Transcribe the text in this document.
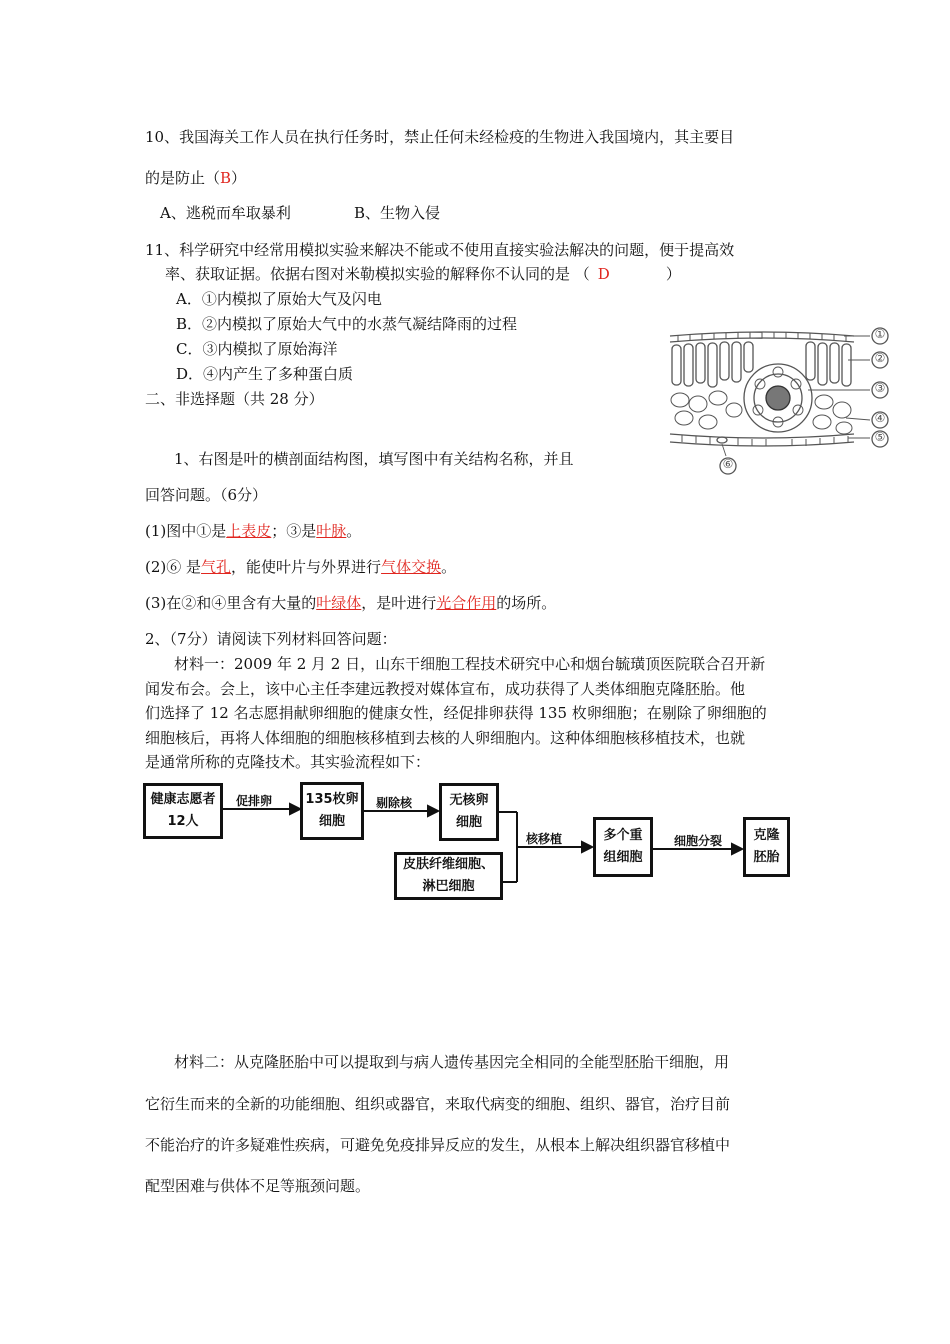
10、我国海关工作人员在执行任务时，禁止任何未经检疫的生物进入我国境内，其主要目
的是防止（B）
A、逃税而牟取暴利	B、生物入侵
11、科学研究中经常用模拟实验来解决不能或不使用直接实验法解决的问题，便于提高效
率、获取证据。依据右图对米勒模拟实验的解释你不认同的是 （ D	）
A．①内模拟了原始大气及闪电
B．②内模拟了原始大气中的水蒸气凝结降雨的过程
C．③内模拟了原始海洋
D．④内产生了多种蛋白质
二、非选择题（共 28 分）
1、右图是叶的横剖面结构图，填写图中有关结构名称，并且
回答问题。（6分）
(1)图中①是上表皮；③是叶脉。
(2)⑥ 是气孔，能使叶片与外界进行气体交换。
(3)在②和④里含有大量的叶绿体，是叶进行光合作用的场所。
2、（7分）请阅读下列材料回答问题：
材料一：2009 年 2 月 2 日，山东干细胞工程技术研究中心和烟台毓璜顶医院联合召开新
闻发布会。会上，该中心主任李建远教授对媒体宣布，成功获得了人类体细胞克隆胚胎。他
们选择了 12 名志愿捐献卵细胞的健康女性，经促排卵获得 135 枚卵细胞；在剔除了卵细胞的
细胞核后，再将人体细胞的细胞核移植到去核的人卵细胞内。这种体细胞核移植技术，也就
是通常所称的克隆技术。其实验流程如下：
健康志愿者12人
促排卵	135枚卵细胞
剔除核	无核卵细胞
皮肤纤维细胞、淋巴细胞
核移植	多个重组细胞
细胞分裂	克隆胚胎
材料二：从克隆胚胎中可以提取到与病人遗传基因完全相同的全能型胚胎干细胞，用
它衍生而来的全新的功能细胞、组织或器官，来取代病变的细胞、组织、器官，治疗目前
不能治疗的许多疑难性疾病，可避免免疫排异反应的发生，从根本上解决组织器官移植中
配型困难与供体不足等瓶颈问题。
①
②
③
④
⑤
⑥
